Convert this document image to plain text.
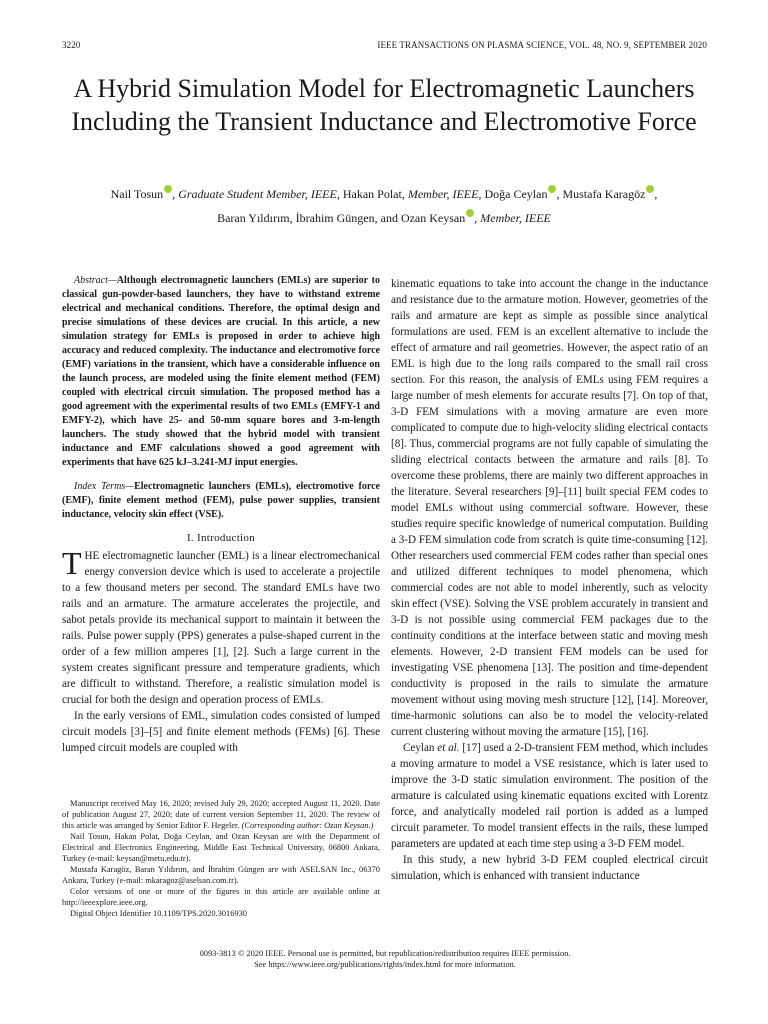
3220	IEEE TRANSACTIONS ON PLASMA SCIENCE, VOL. 48, NO. 9, SEPTEMBER 2020
A Hybrid Simulation Model for Electromagnetic Launchers Including the Transient Inductance and Electromotive Force
Nail Tosun , Graduate Student Member, IEEE, Hakan Polat, Member, IEEE, Doğa Ceylan , Mustafa Karagöz ,
Baran Yıldırım, İbrahim Güngen, and Ozan Keysan , Member, IEEE

Abstract—Although electromagnetic launchers (EMLs) are superior to classical gun-powder-based launchers, they have to withstand extreme electrical and mechanical conditions. Therefore, the optimal design and precise simulations of these devices are crucial. In this article, a new simulation strategy for EMLs is proposed in order to achieve high accuracy and reduced complexity. The inductance and electromotive force (EMF) variations in the transient, which have a considerable influence on the launch process, are modeled using the finite element method (FEM) coupled with electrical circuit simulation. The proposed method has a good agreement with the experimental results of two EMLs (EMFY-1 and EMFY-2), which have 25- and 50-mm square bores and 3-m-length launchers. The study showed that the hybrid model with transient inductance and EMF calculations showed a good agreement with experiments that have 625 kJ–3.241-MJ input energies.

Index Terms—Electromagnetic launchers (EMLs), electromotive force (EMF), finite element method (FEM), pulse power supplies, transient inductance, velocity skin effect (VSE).

I. Introduction

THE electromagnetic launcher (EML) is a linear electromechanical energy conversion device which is used to accelerate a projectile to a few thousand meters per second. The standard EMLs have two rails and an armature. The armature accelerates the projectile, and sabot petals provide its mechanical support to maintain it between the rails. Pulse power supply (PPS) generates a pulse-shaped current in the order of a few million amperes [1], [2]. Such a large current in the system creates significant pressure and temperature gradients, which are difficult to withstand. Therefore, a realistic simulation model is crucial for both the design and operation process of EMLs.

In the early versions of EML, simulation codes consisted of lumped circuit models [3]–[5] and finite element methods (FEMs) [6]. These lumped circuit models are coupled with

Manuscript received May 16, 2020; revised July 29, 2020; accepted August 11, 2020. Date of publication August 27, 2020; date of current version September 11, 2020. The review of this article was arranged by Senior Editor F. Hegeler. (Corresponding author: Ozan Keysan.)

Nail Tosun, Hakan Polat, Doğa Ceylan, and Ozan Keysan are with the Department of Electrical and Electronics Engineering, Middle East Technical University, 06800 Ankara, Turkey (e-mail: keysan@metu.edu.tr).

Mustafa Karagöz, Baran Yıldırım, and İbrahim Güngen are with ASELSAN Inc., 06370 Ankara, Turkey (e-mail: mkaragoz@aselsan.com.tr).

Color versions of one or more of the figures in this article are available online at http://ieeexplore.ieee.org.

Digital Object Identifier 10.1109/TPS.2020.3016930

kinematic equations to take into account the change in the inductance and resistance due to the armature motion. However, geometries of the rails and armature are kept as simple as possible since analytical formulations are used. FEM is an excellent alternative to include the effect of armature and rail geometries. However, the aspect ratio of an EML is high due to the long rails compared to the small rail cross section. For this reason, the analysis of EMLs using FEM requires a large number of mesh elements for accurate results [7]. On top of that, 3-D FEM simulations with a moving armature are even more complicated to compute due to high-velocity sliding electrical contacts [8]. Thus, commercial programs are not fully capable of simulating the sliding electrical contacts between the armature and rails [8]. To overcome these problems, there are mainly two different approaches in the literature. Several researchers [9]–[11] built special FEM codes to model EMLs without using commercial software. However, these studies require specific knowledge of numerical computation. Building a 3-D FEM simulation code from scratch is quite time-consuming [12]. Other researchers used commercial FEM codes rather than special ones and utilized different techniques to model phenomena, which commercial codes are not able to model inherently, such as velocity skin effect (VSE). Solving the VSE problem accurately in transient and 3-D is not possible using commercial FEM packages due to the continuity conditions at the interface between static and moving mesh elements. However, 2-D transient FEM models can be used for investigating VSE phenomena [13]. The position and time-dependent conductivity is proposed in the rails to simulate the armature movement without using moving mesh structure [12], [14]. Moreover, time-harmonic solutions can also be to model the velocity-related current clustering without moving the armature [15], [16].

Ceylan et al. [17] used a 2-D-transient FEM method, which includes a moving armature to model a VSE resistance, which is later used to improve the 3-D static simulation environment. The position of the armature is calculated using kinematic equations excited with Lorentz force, and analytically modeled rail portion is added as a lumped circuit parameter. To model transient effects in the rails, these lumped parameters are updated at each time step using a 3-D FEM model.

In this study, a new hybrid 3-D FEM coupled electrical circuit simulation, which is enhanced with transient inductance

0093-3813 © 2020 IEEE. Personal use is permitted, but republication/redistribution requires IEEE permission.
See https://www.ieee.org/publications/rights/index.html for more information.
